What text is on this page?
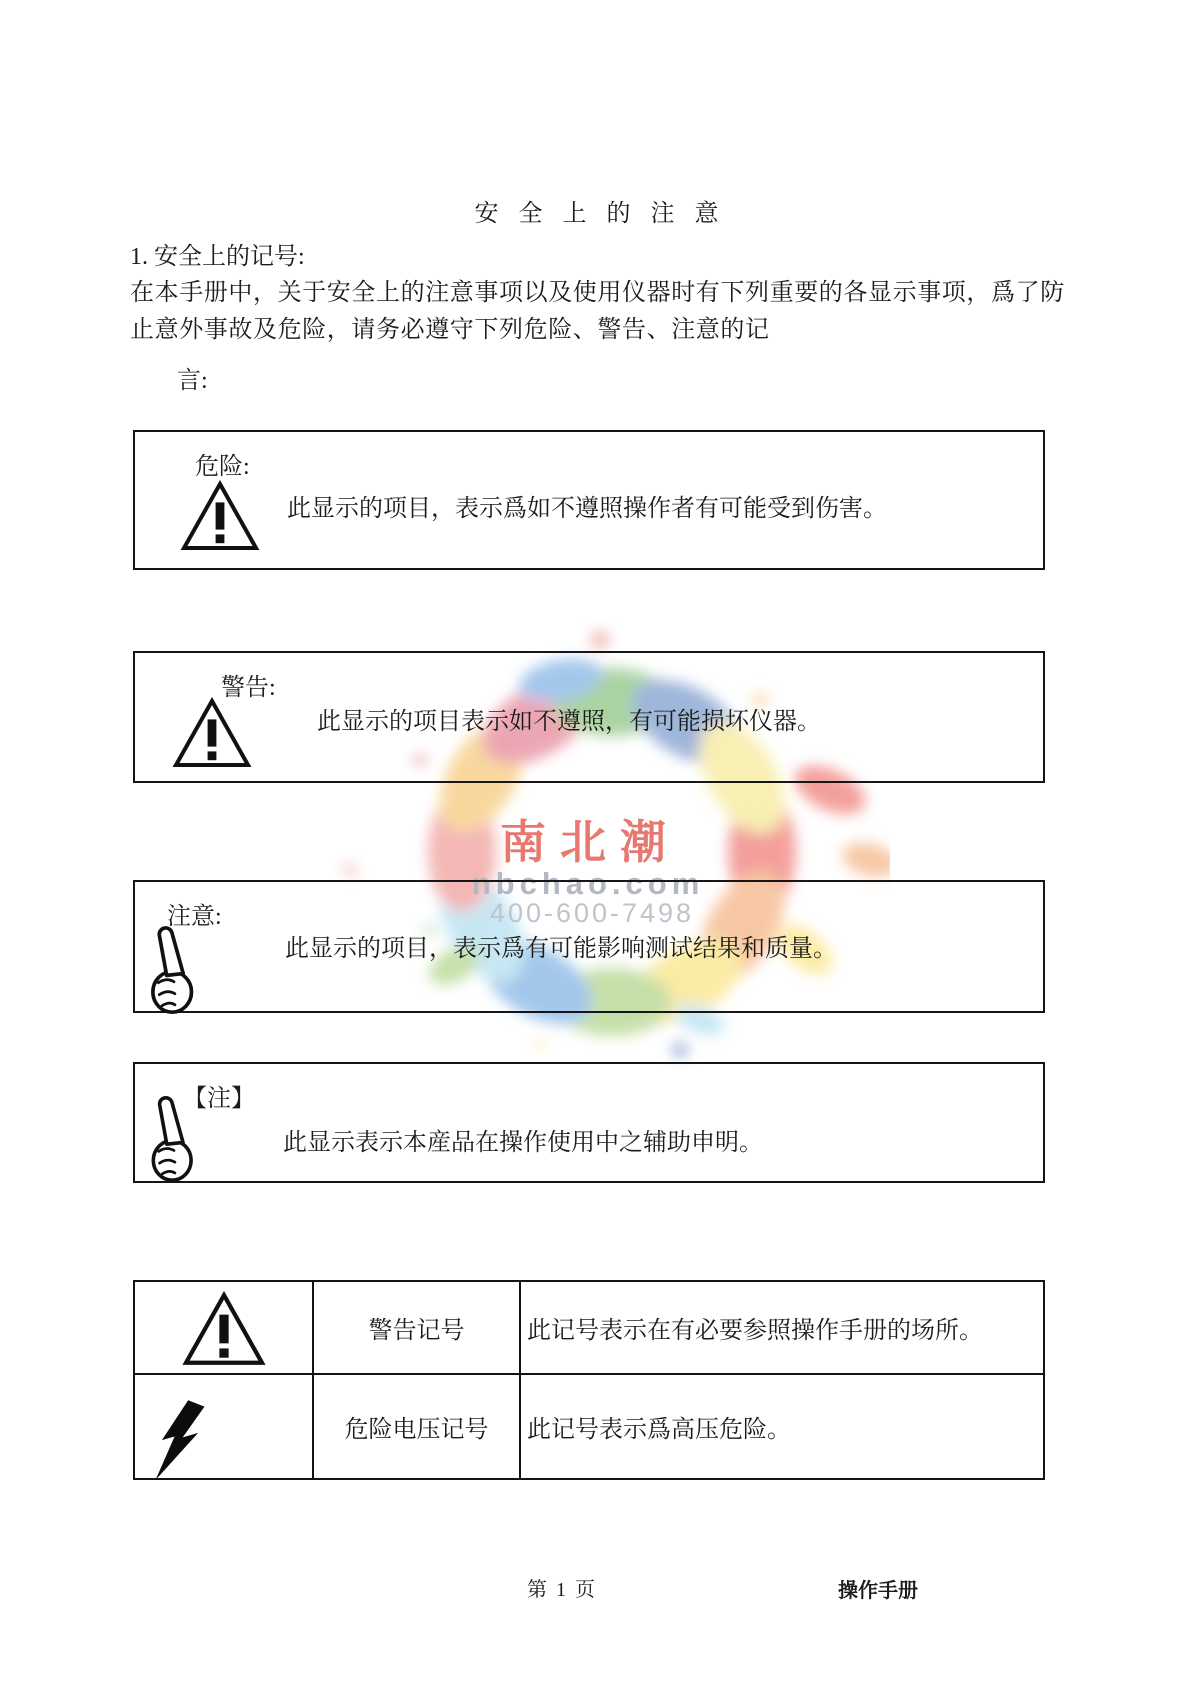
南北潮
nbchao.com
400-600-7498
安 全 上 的 注 意
1. 安全上的记号:
在本手册中，关于安全上的注意事项以及使用仪器时有下列重要的各显示事项，爲了防
止意外事故及危险，请务必遵守下列危险、警告、注意的记
言:
危险:
此显示的项目，表示爲如不遵照操作者有可能受到伤害。
警告:
此显示的项目表示如不遵照，有可能损坏仪器。
注意:
此显示的项目，表示爲有可能影响测试结果和质量。
【注】
此显示表示本産品在操作使用中之辅助申明。
	警告记号	此记号表示在有必要参照操作手册的场所。

	危险电压记号	此记号表示爲高压危险。
第 1 页	操作手册
